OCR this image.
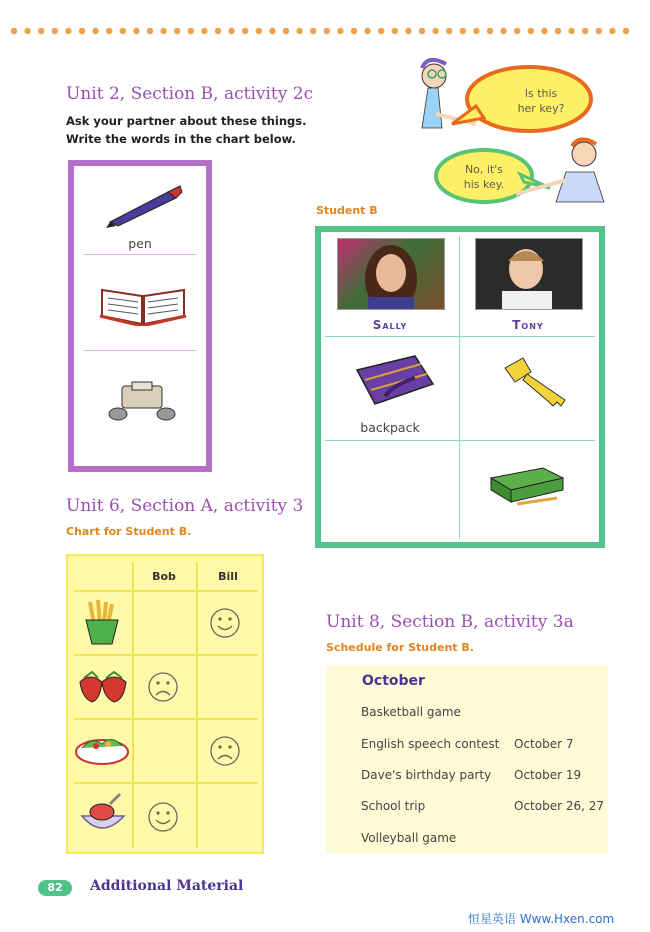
Unit 2, Section B, activity 2c
Ask your partner about these things.
Write the words in the chart below.
Is this
her key?
No, it's
his key.
pen
Student B
Sally	Tony
backpack
Unit 6, Section A, activity 3
Chart for Student B.
Bob	Bill
Unit 8, Section B, activity 3a
Schedule for Student B.
October
Basketball game
English speech contest October 7
Dave's birthday party October 19
School trip	October 26, 27
Volleyball game
82	Additional Material
恒星英语 Www.Hxen.com
